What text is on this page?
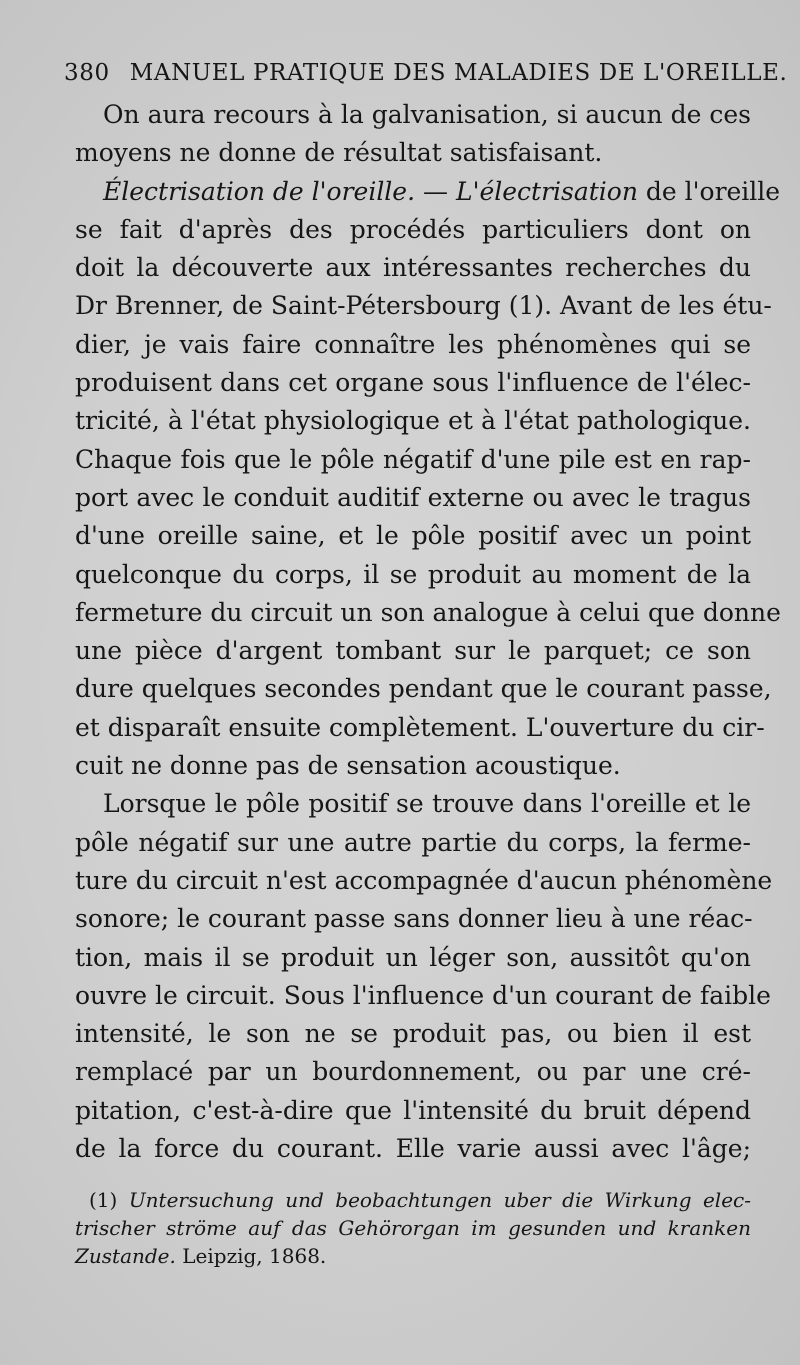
380 MANUEL PRATIQUE DES MALADIES DE L'OREILLE.
On aura recours à la galvanisation, si aucun de ces
moyens ne donne de résultat satisfaisant.
Électrisation de l'oreille. — L'électrisation de l'oreille
se fait d'après des procédés particuliers dont on
doit la découverte aux intéressantes recherches du
Dr Brenner, de Saint-Pétersbourg (1). Avant de les étu-
dier, je vais faire connaître les phénomènes qui se
produisent dans cet organe sous l'influence de l'élec-
tricité, à l'état physiologique et à l'état pathologique.
Chaque fois que le pôle négatif d'une pile est en rap-
port avec le conduit auditif externe ou avec le tragus
d'une oreille saine, et le pôle positif avec un point
quelconque du corps, il se produit au moment de la
fermeture du circuit un son analogue à celui que donne
une pièce d'argent tombant sur le parquet; ce son
dure quelques secondes pendant que le courant passe,
et disparaît ensuite complètement. L'ouverture du cir-
cuit ne donne pas de sensation acoustique.
Lorsque le pôle positif se trouve dans l'oreille et le
pôle négatif sur une autre partie du corps, la ferme-
ture du circuit n'est accompagnée d'aucun phénomène
sonore; le courant passe sans donner lieu à une réac-
tion, mais il se produit un léger son, aussitôt qu'on
ouvre le circuit. Sous l'influence d'un courant de faible
intensité, le son ne se produit pas, ou bien il est
remplacé par un bourdonnement, ou par une cré-
pitation, c'est-à-dire que l'intensité du bruit dépend
de la force du courant. Elle varie aussi avec l'âge;
(1) Untersuchung und beobachtungen uber die Wirkung elec-
trischer ströme auf das Gehörorgan im gesunden und kranken
Zustande. Leipzig, 1868.
